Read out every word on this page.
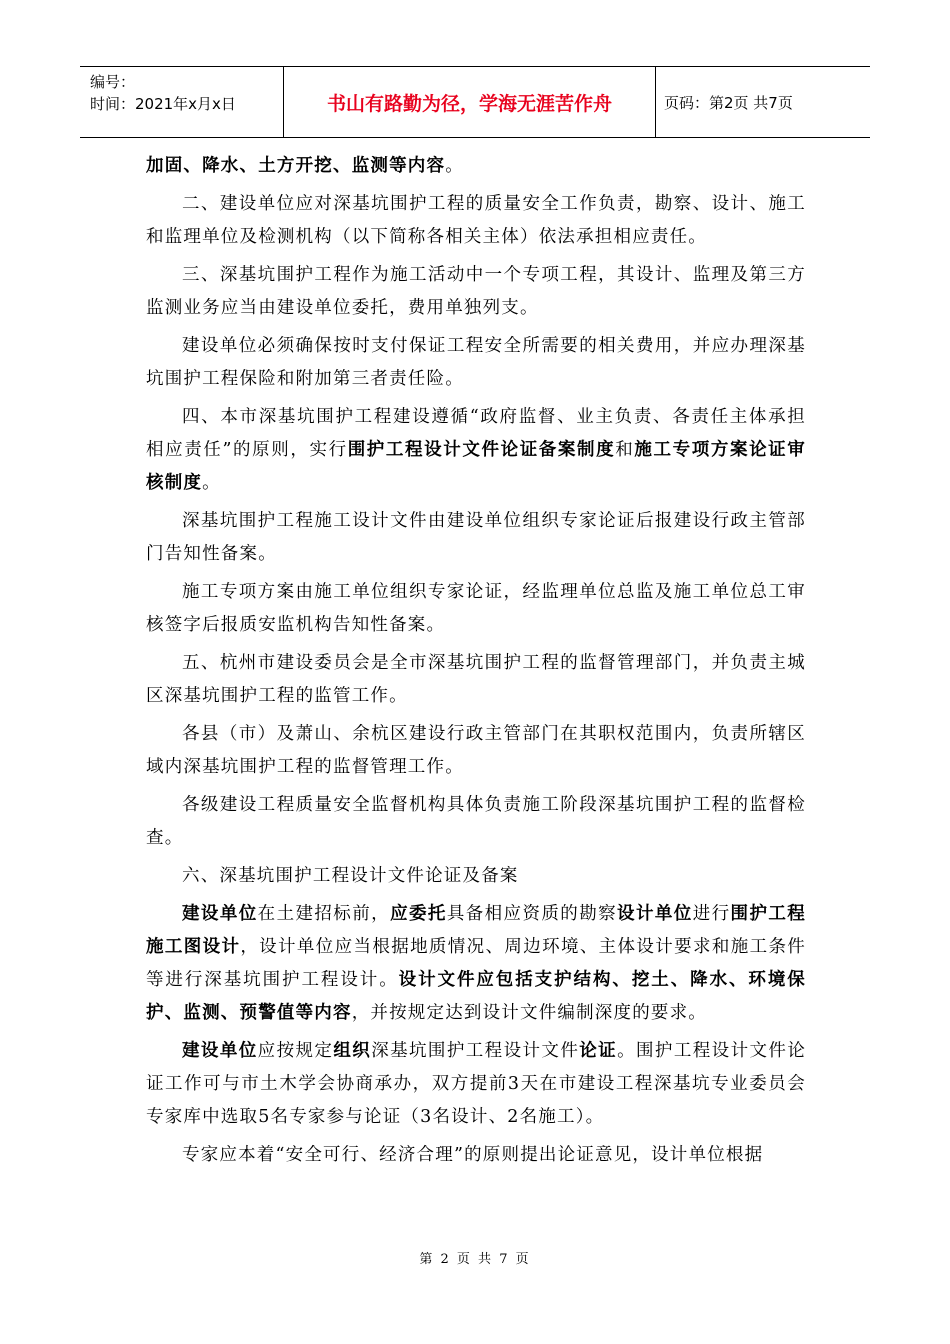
编号：
时间：2021年x月x日	书山有路勤为径，学海无涯苦作舟	页码：第2页 共7页

加固、降水、土方开挖、监测等内容。

二、建设单位应对深基坑围护工程的质量安全工作负责，勘察、设计、施工和监理单位及检测机构（以下简称各相关主体）依法承担相应责任。

三、深基坑围护工程作为施工活动中一个专项工程，其设计、监理及第三方监测业务应当由建设单位委托，费用单独列支。

建设单位必须确保按时支付保证工程安全所需要的相关费用，并应办理深基坑围护工程保险和附加第三者责任险。

四、本市深基坑围护工程建设遵循“政府监督、业主负责、各责任主体承担相应责任”的原则，实行围护工程设计文件论证备案制度和施工专项方案论证审核制度。

深基坑围护工程施工设计文件由建设单位组织专家论证后报建设行政主管部门告知性备案。

施工专项方案由施工单位组织专家论证，经监理单位总监及施工单位总工审核签字后报质安监机构告知性备案。

五、杭州市建设委员会是全市深基坑围护工程的监督管理部门，并负责主城区深基坑围护工程的监管工作。

各县（市）及萧山、余杭区建设行政主管部门在其职权范围内，负责所辖区域内深基坑围护工程的监督管理工作。

各级建设工程质量安全监督机构具体负责施工阶段深基坑围护工程的监督检查。

六、深基坑围护工程设计文件论证及备案

建设单位在土建招标前，应委托具备相应资质的勘察设计单位进行围护工程施工图设计，设计单位应当根据地质情况、周边环境、主体设计要求和施工条件等进行深基坑围护工程设计。设计文件应包括支护结构、挖土、降水、环境保护、监测、预警值等内容，并按规定达到设计文件编制深度的要求。

建设单位应按规定组织深基坑围护工程设计文件论证。围护工程设计文件论证工作可与市土木学会协商承办，双方提前3天在市建设工程深基坑专业委员会专家库中选取5名专家参与论证（3名设计、2名施工）。

专家应本着“安全可行、经济合理”的原则提出论证意见，设计单位根据

第 2 页 共 7 页
